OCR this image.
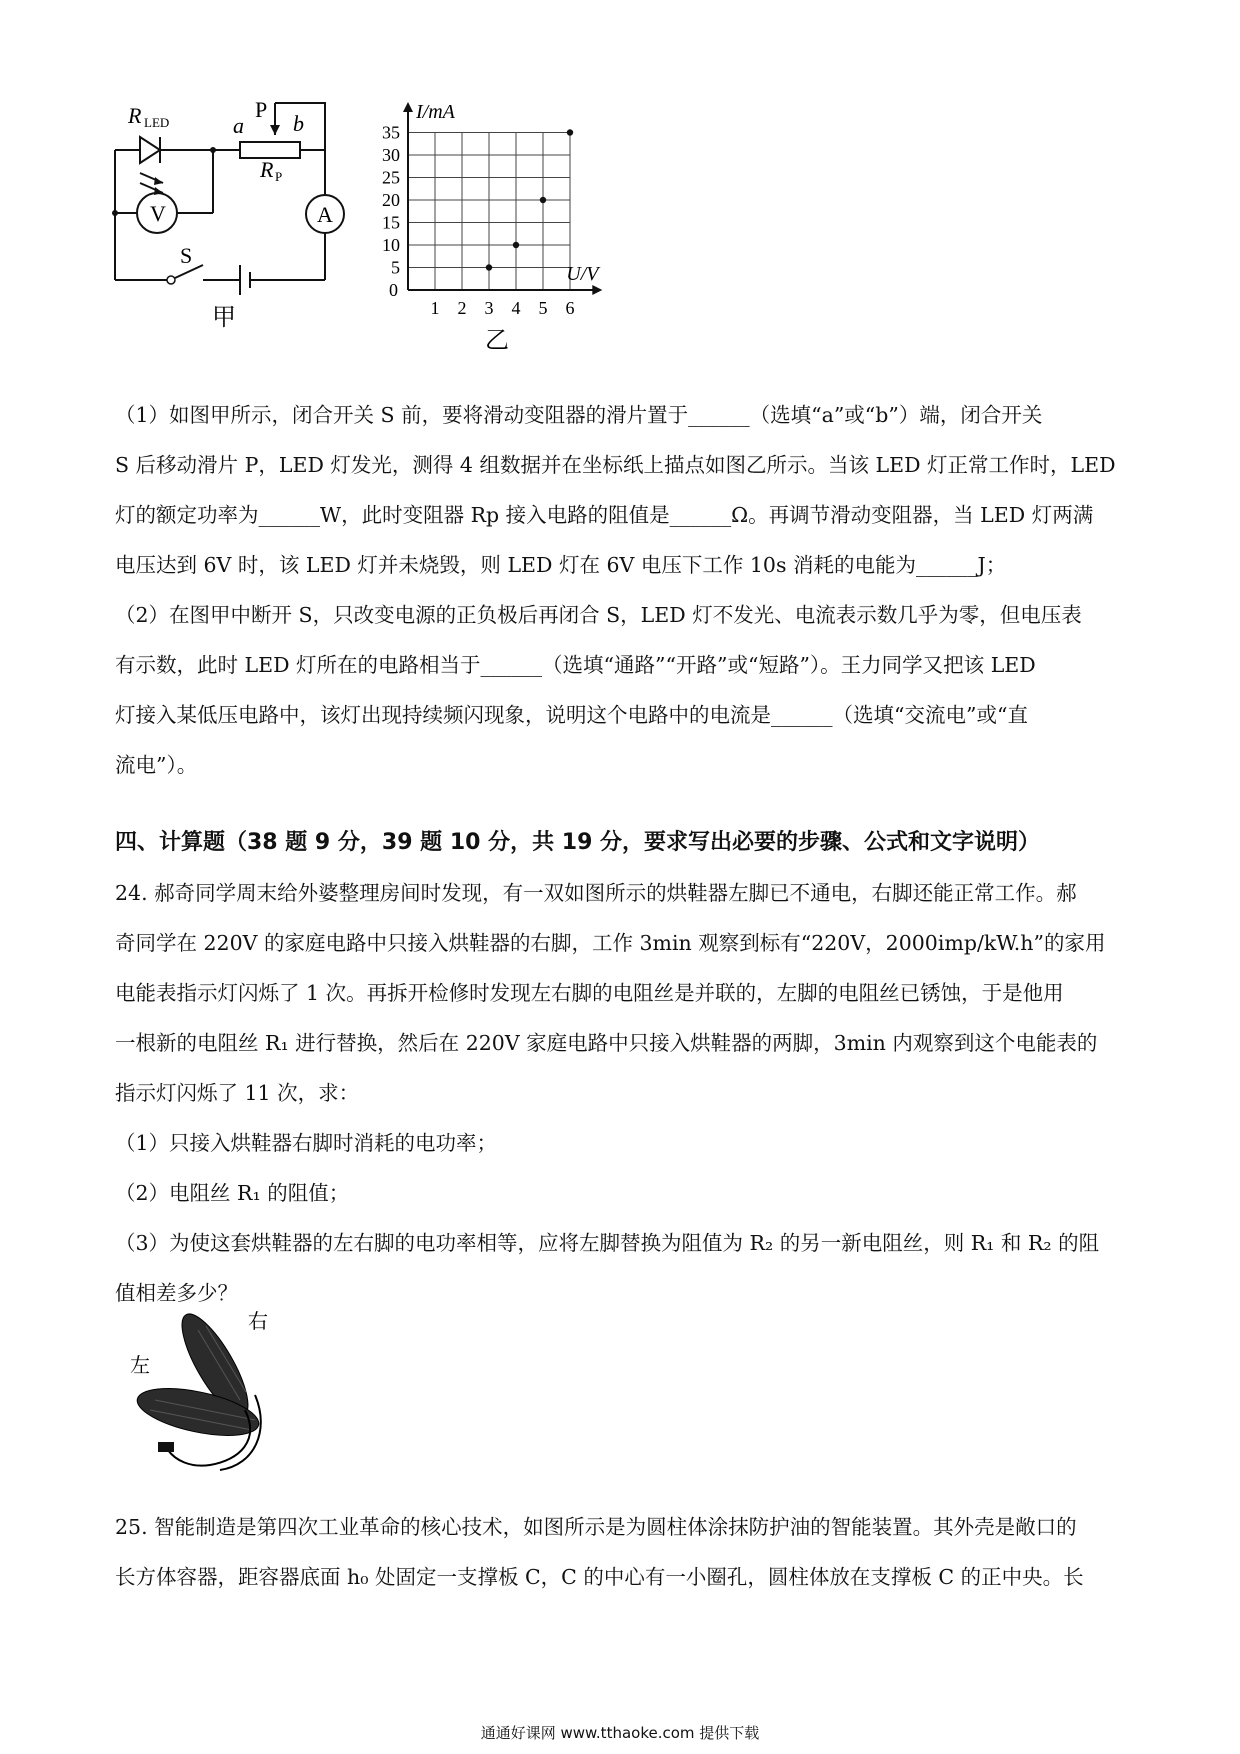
R LED
P
a b
R P
V	A
S
甲	1 2 3 4 5 6
5
10
15
20
25
30
35
0
I/mA
U/V
乙
（1）如图甲所示，闭合开关 S 前，要将滑动变阻器的滑片置于______（选填“a”或“b”）端，闭合开关
S 后移动滑片 P，LED 灯发光，测得 4 组数据并在坐标纸上描点如图乙所示。当该 LED 灯正常工作时，LED
灯的额定功率为______W，此时变阻器 Rp 接入电路的阻值是______Ω。再调节滑动变阻器，当 LED 灯两满
电压达到 6V 时，该 LED 灯并未烧毁，则 LED 灯在 6V 电压下工作 10s 消耗的电能为______J；
（2）在图甲中断开 S，只改变电源的正负极后再闭合 S，LED 灯不发光、电流表示数几乎为零，但电压表
有示数，此时 LED 灯所在的电路相当于______（选填“通路”“开路”或“短路”）。王力同学又把该 LED
灯接入某低压电路中，该灯出现持续频闪现象，说明这个电路中的电流是______（选填“交流电”或“直
流电”）。
四、计算题（38 题 9 分，39 题 10 分，共 19 分，要求写出必要的步骤、公式和文字说明）
24. 郝奇同学周末给外婆整理房间时发现，有一双如图所示的烘鞋器左脚已不通电，右脚还能正常工作。郝
奇同学在 220V 的家庭电路中只接入烘鞋器的右脚，工作 3min 观察到标有“220V，2000imp/kW.h”的家用
电能表指示灯闪烁了 1 次。再拆开检修时发现左右脚的电阻丝是并联的，左脚的电阻丝已锈蚀，于是他用
一根新的电阻丝 R₁ 进行替换，然后在 220V 家庭电路中只接入烘鞋器的两脚，3min 内观察到这个电能表的
指示灯闪烁了 11 次，求：
（1）只接入烘鞋器右脚时消耗的电功率；
（2）电阻丝 R₁ 的阻值；
（3）为使这套烘鞋器的左右脚的电功率相等，应将左脚替换为阻值为 R₂ 的另一新电阻丝，则 R₁ 和 R₂ 的阻
值相差多少？
左
右
25. 智能制造是第四次工业革命的核心技术，如图所示是为圆柱体涂抹防护油的智能装置。其外壳是敞口的
长方体容器，距容器底面 h₀ 处固定一支撑板 C，C 的中心有一小圈孔，圆柱体放在支撑板 C 的正中央。长
通通好课网 www.tthaoke.com 提供下载
